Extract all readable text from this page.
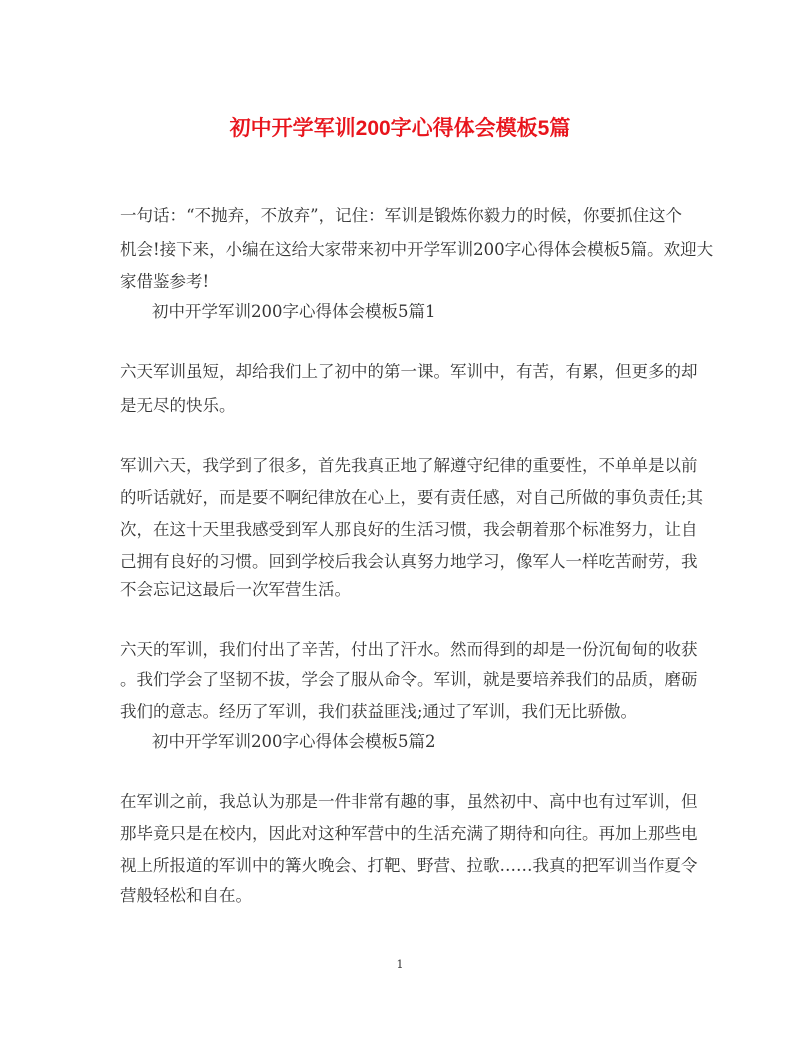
初中开学军训200字心得体会模板5篇
一句话：“不抛弃，不放弃”，记住：军训是锻炼你毅力的时候，你要抓住这个
机会!接下来，小编在这给大家带来初中开学军训200字心得体会模板5篇。欢迎大
家借鉴参考!
初中开学军训200字心得体会模板5篇1
六天军训虽短，却给我们上了初中的第一课。军训中，有苦，有累，但更多的却
是无尽的快乐。
军训六天，我学到了很多，首先我真正地了解遵守纪律的重要性，不单单是以前
的听话就好，而是要不啊纪律放在心上，要有责任感，对自己所做的事负责任;其
次，在这十天里我感受到军人那良好的生活习惯，我会朝着那个标准努力，让自
己拥有良好的习惯。回到学校后我会认真努力地学习，像军人一样吃苦耐劳，我
不会忘记这最后一次军营生活。
六天的军训，我们付出了辛苦，付出了汗水。然而得到的却是一份沉甸甸的收获
。我们学会了坚韧不拔，学会了服从命令。军训，就是要培养我们的品质，磨砺
我们的意志。经历了军训，我们获益匪浅;通过了军训，我们无比骄傲。
初中开学军训200字心得体会模板5篇2
在军训之前，我总认为那是一件非常有趣的事，虽然初中、高中也有过军训，但
那毕竟只是在校内，因此对这种军营中的生活充满了期待和向往。再加上那些电
视上所报道的军训中的篝火晚会、打靶、野营、拉歌……我真的把军训当作夏令
营般轻松和自在。
1
